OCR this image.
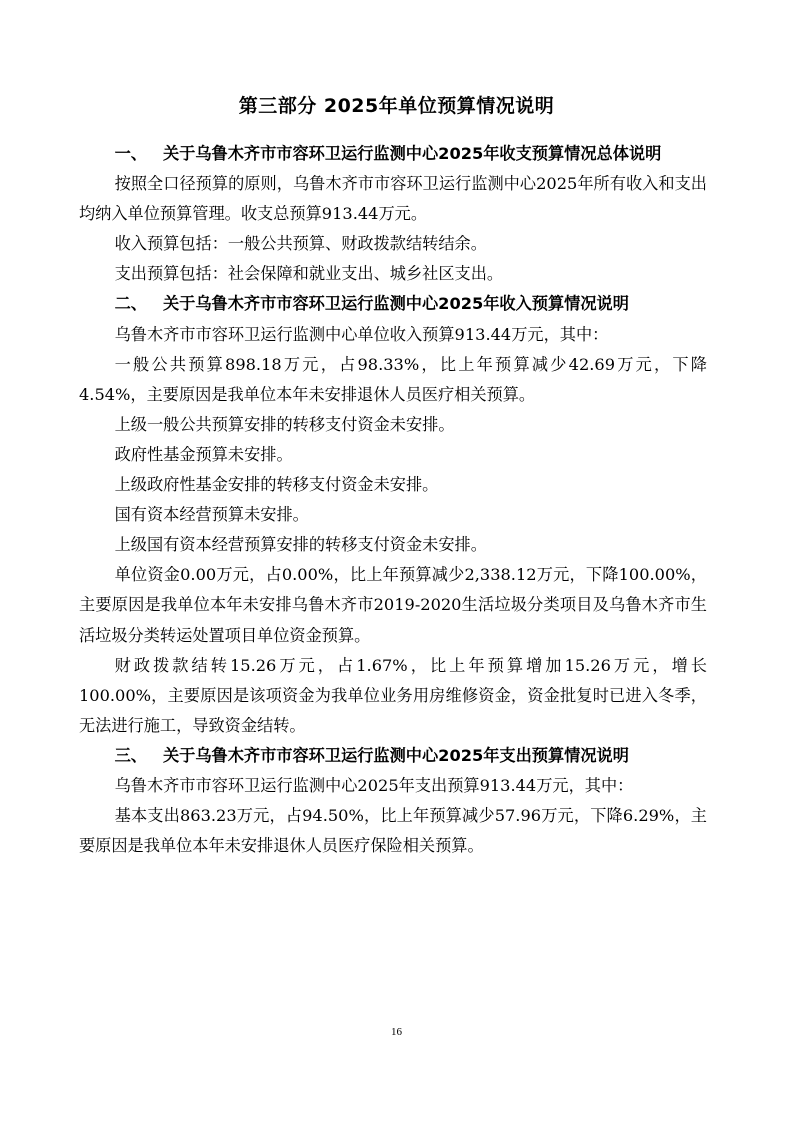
第三部分 2025年单位预算情况说明

一、 关于乌鲁木齐市市容环卫运行监测中心2025年收支预算情况总体说明

按照全口径预算的原则，乌鲁木齐市市容环卫运行监测中心2025年所有收入和支出均纳入单位预算管理。收支总预算913.44万元。

收入预算包括：一般公共预算、财政拨款结转结余。

支出预算包括：社会保障和就业支出、城乡社区支出。

二、 关于乌鲁木齐市市容环卫运行监测中心2025年收入预算情况说明

乌鲁木齐市市容环卫运行监测中心单位收入预算913.44万元，其中：

一般公共预算898.18万元，占98.33%，比上年预算减少42.69万元，下降4.54%，主要原因是我单位本年未安排退休人员医疗相关预算。

上级一般公共预算安排的转移支付资金未安排。

政府性基金预算未安排。

上级政府性基金安排的转移支付资金未安排。

国有资本经营预算未安排。

上级国有资本经营预算安排的转移支付资金未安排。

单位资金0.00万元，占0.00%，比上年预算减少2,338.12万元，下降100.00%，主要原因是我单位本年未安排乌鲁木齐市2019-2020生活垃圾分类项目及乌鲁木齐市生活垃圾分类转运处置项目单位资金预算。

财政拨款结转15.26万元，占1.67%，比上年预算增加15.26万元，增长100.00%，主要原因是该项资金为我单位业务用房维修资金，资金批复时已进入冬季，无法进行施工，导致资金结转。

三、 关于乌鲁木齐市市容环卫运行监测中心2025年支出预算情况说明

乌鲁木齐市市容环卫运行监测中心2025年支出预算913.44万元，其中：

基本支出863.23万元，占94.50%，比上年预算减少57.96万元，下降6.29%，主要原因是我单位本年未安排退休人员医疗保险相关预算。

16
